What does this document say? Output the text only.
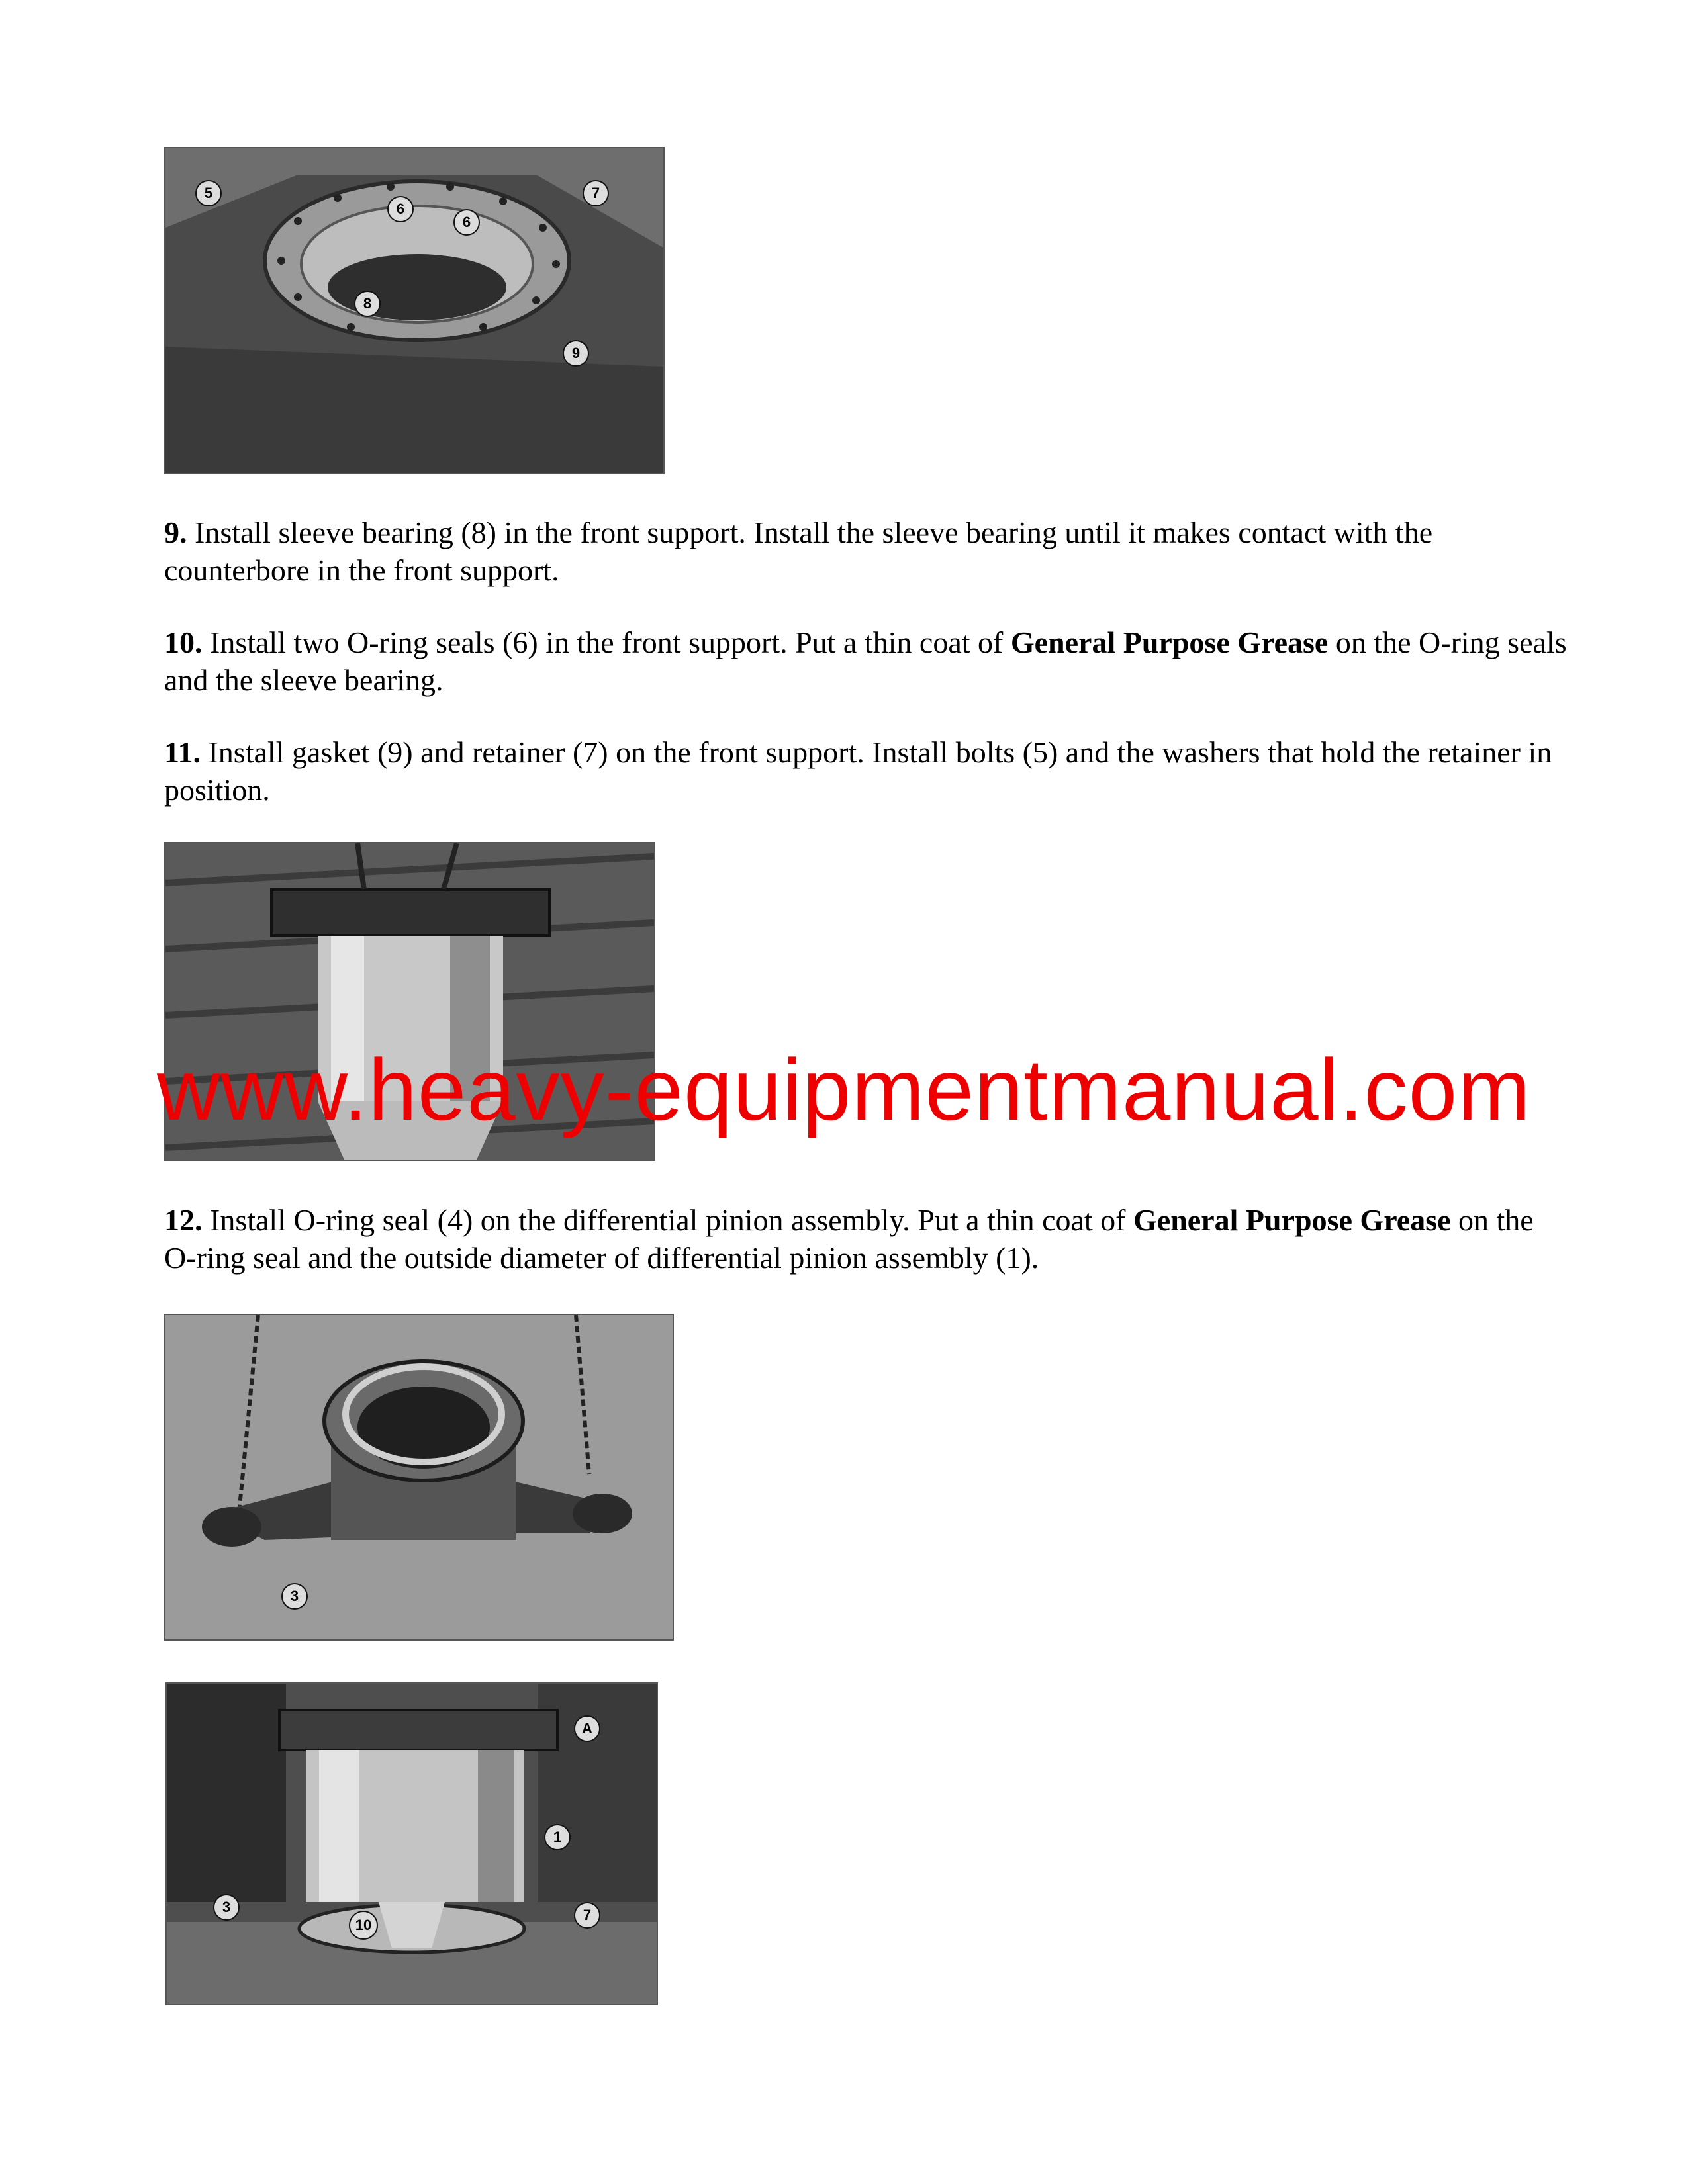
5
6
6
7
8
9

9. Install sleeve bearing (8) in the front support. Install the sleeve bearing until it makes contact with the counterbore in the front support.

10. Install two O-ring seals (6) in the front support. Put a thin coat of General Purpose Grease on the O-ring seals and the sleeve bearing.

11. Install gasket (9) and retainer (7) on the front support. Install bolts (5) and the washers that hold the retainer in position.

www.heavy-equipmentmanual.com

12. Install O-ring seal (4) on the differential pinion assembly. Put a thin coat of General Purpose Grease on the O-ring seal and the outside diameter of differential pinion assembly (1).

3
A
1
3
10
7
